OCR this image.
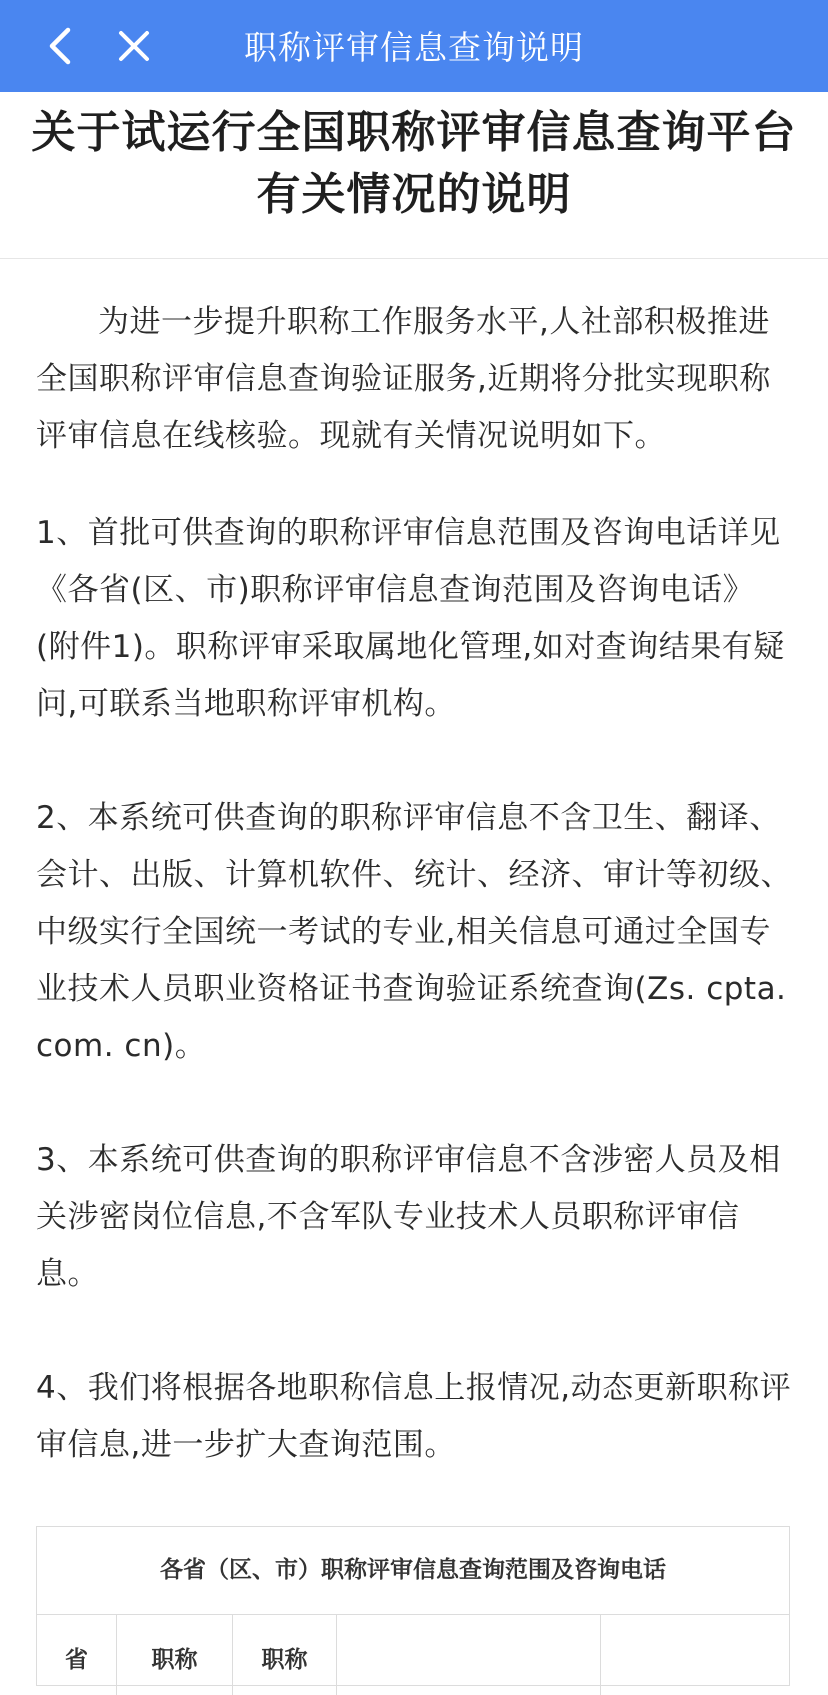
职称评审信息查询说明
关于试运行全国职称评审信息查询平台有关情况的说明

为进一步提升职称工作服务水平,人社部积极推进全国职称评审信息查询验证服务,近期将分批实现职称评审信息在线核验。现就有关情况说明如下。

1、首批可供查询的职称评审信息范围及咨询电话详见《各省(区、市)职称评审信息查询范围及咨询电话》(附件1)。职称评审采取属地化管理,如对查询结果有疑问,可联系当地职称评审机构。

2、本系统可供查询的职称评审信息不含卫生、翻译、会计、出版、计算机软件、统计、经济、审计等初级、中级实行全国统一考试的专业,相关信息可通过全国专业技术人员职业资格证书查询验证系统查询(Zs. cpta. com. cn)。

3、本系统可供查询的职称评审信息不含涉密人员及相关涉密岗位信息,不含军队专业技术人员职称评审信息。

4、我们将根据各地职称信息上报情况,动态更新职称评审信息,进一步扩大查询范围。

各省（区、市）职称评审信息查询范围及咨询电话
省	职称	职称
